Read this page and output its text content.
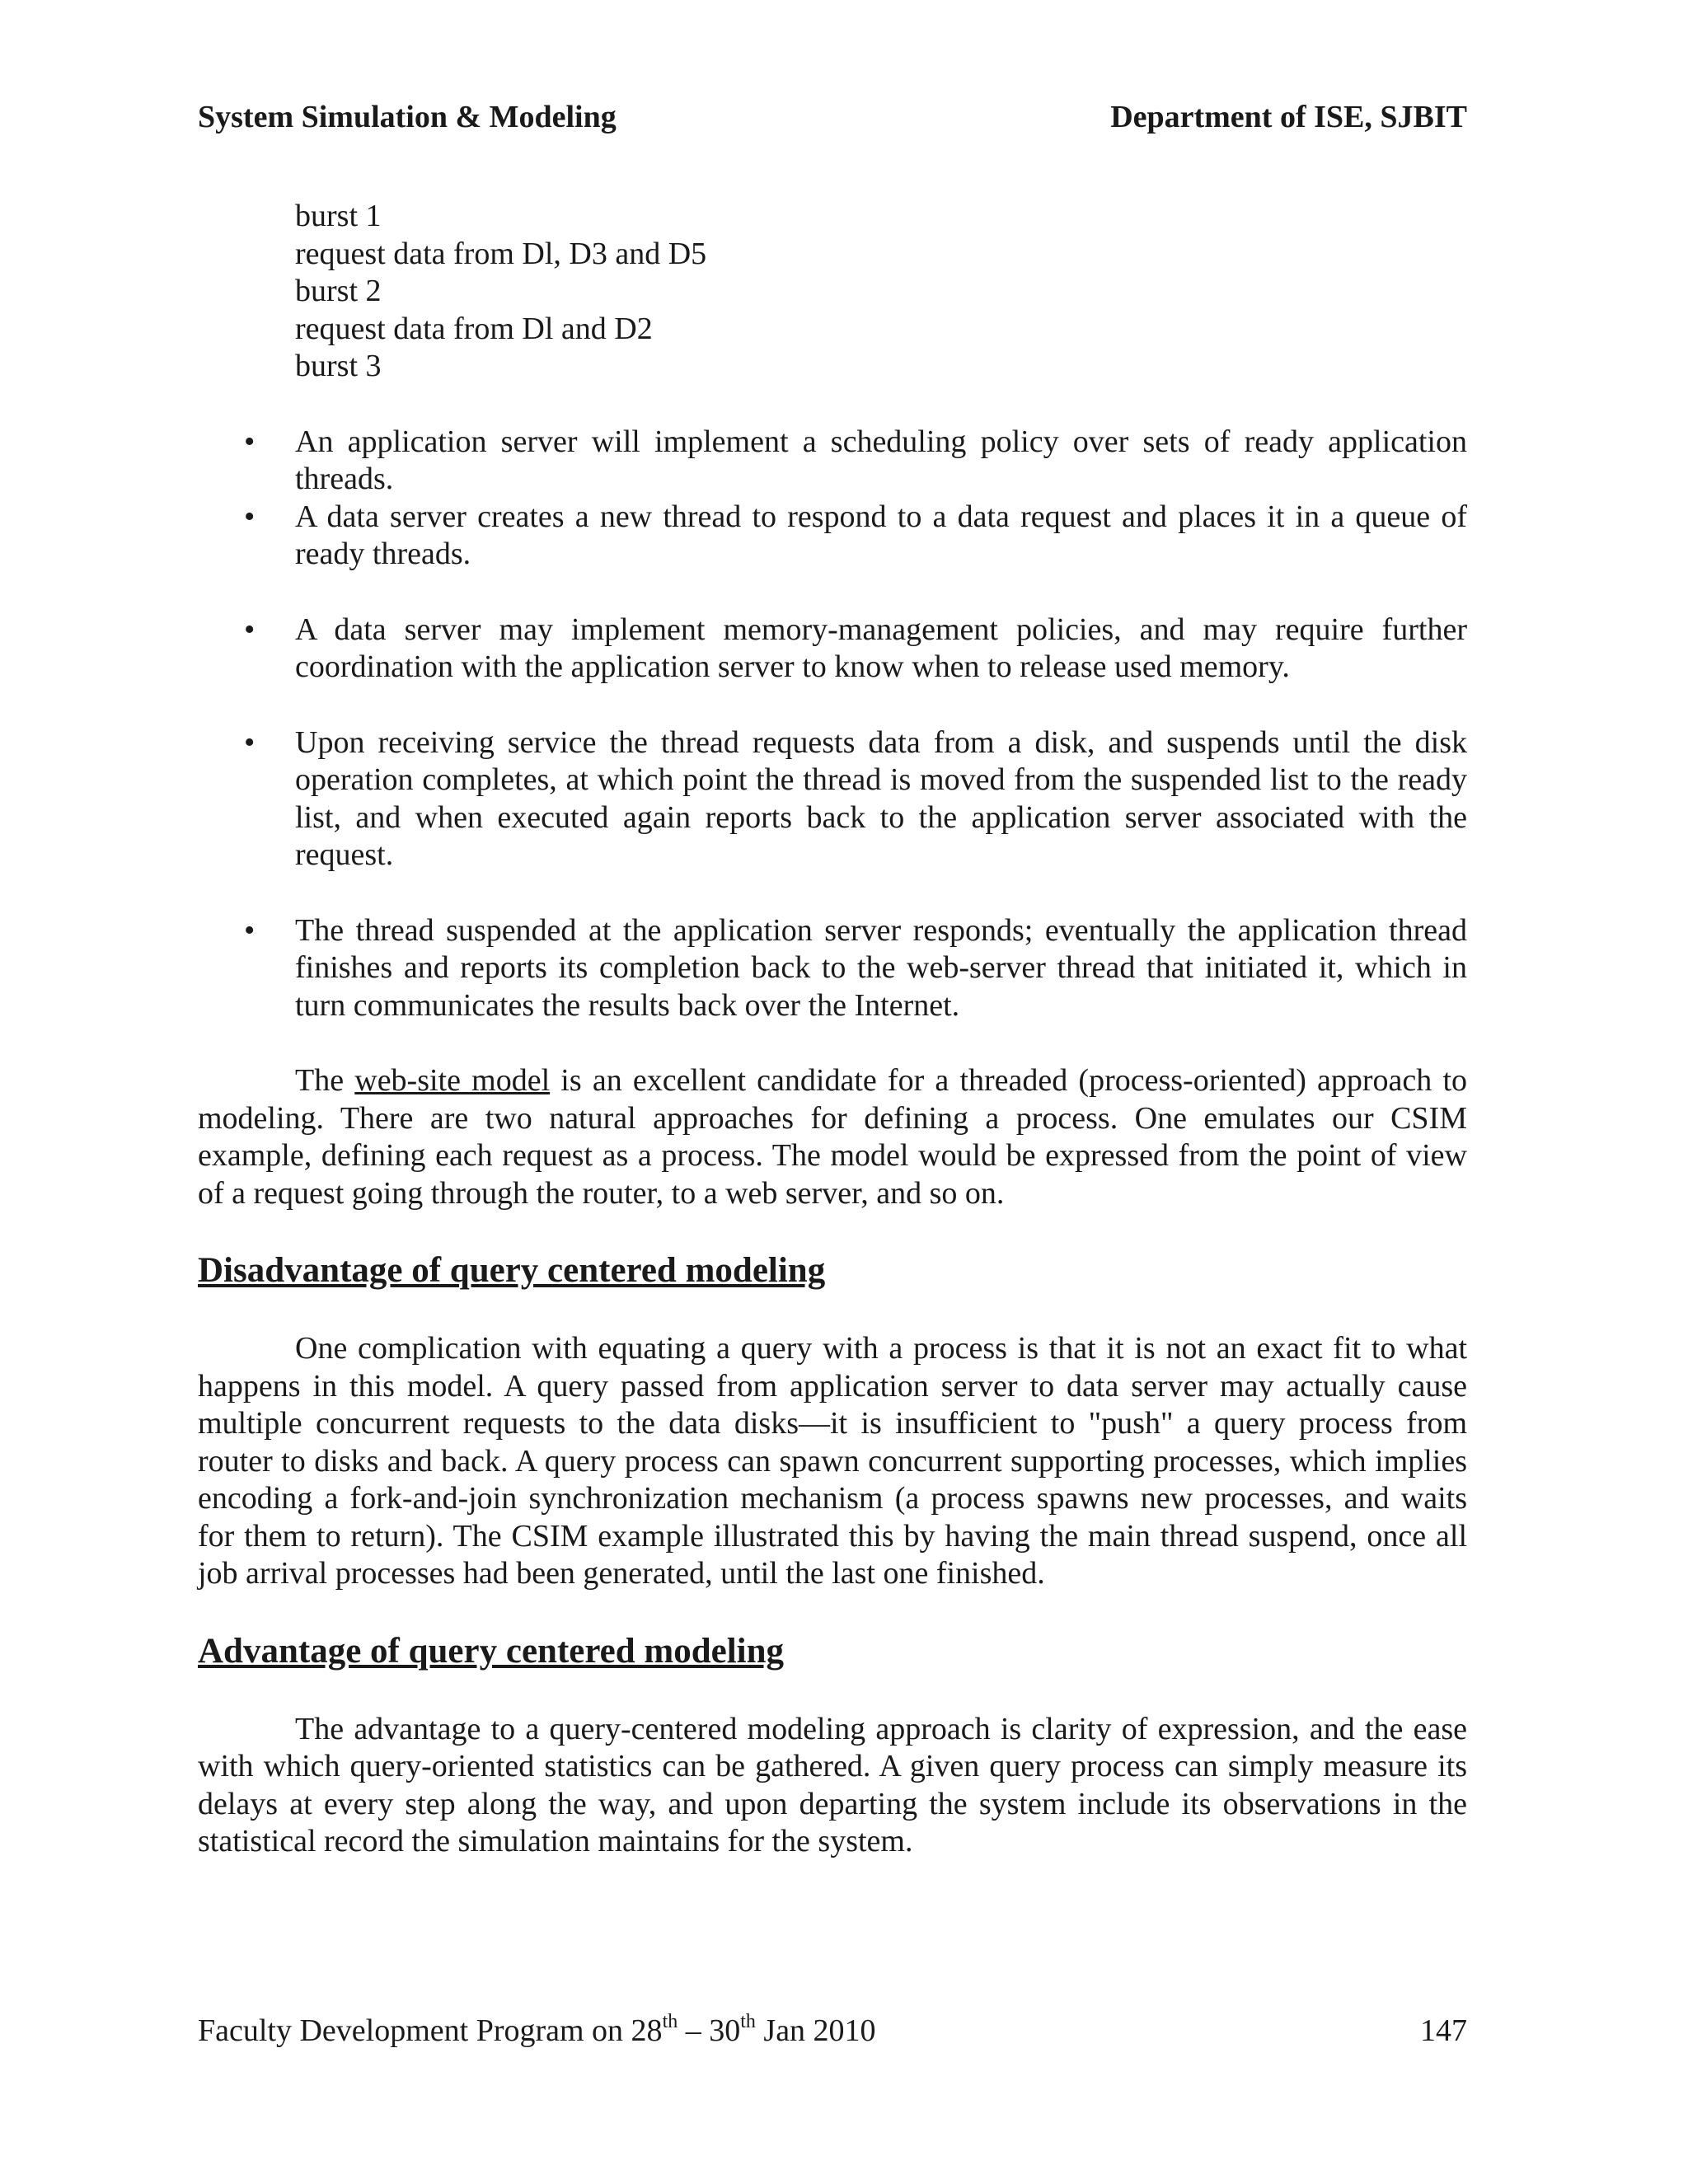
System Simulation & Modeling	Department of ISE, SJBIT
burst 1
request data from Dl, D3 and D5
burst 2
request data from Dl and D2
burst 3
• An application server will implement a scheduling policy over sets of ready application threads.
• A data server creates a new thread to respond to a data request and places it in a queue of ready threads.
• A data server may implement memory-management policies, and may require further coordination with the application server to know when to release used memory.
• Upon receiving service the thread requests data from a disk, and suspends until the disk operation completes, at which point the thread is moved from the suspended list to the ready list, and when executed again reports back to the application server associated with the request.
• The thread suspended at the application server responds; eventually the application thread finishes and reports its completion back to the web-server thread that initiated it, which in turn communicates the results back over the Internet.

The web-site model is an excellent candidate for a threaded (process-oriented) approach to modeling. There are two natural approaches for defining a process. One emulates our CSIM example, defining each request as a process. The model would be expressed from the point of view of a request going through the router, to a web server, and so on.

Disadvantage of query centered modeling

One complication with equating a query with a process is that it is not an exact fit to what happens in this model. A query passed from application server to data server may actually cause multiple concurrent requests to the data disks—it is insufficient to "push" a query process from router to disks and back. A query process can spawn concurrent supporting processes, which implies encoding a fork-and-join synchronization mechanism (a process spawns new processes, and waits for them to return). The CSIM example illustrated this by having the main thread suspend, once all job arrival processes had been generated, until the last one finished.

Advantage of query centered modeling

The advantage to a query-centered modeling approach is clarity of expression, and the ease with which query-oriented statistics can be gathered. A given query process can simply measure its delays at every step along the way, and upon departing the system include its observations in the statistical record the simulation maintains for the system.

Faculty Development Program on 28th – 30th Jan 2010	147
